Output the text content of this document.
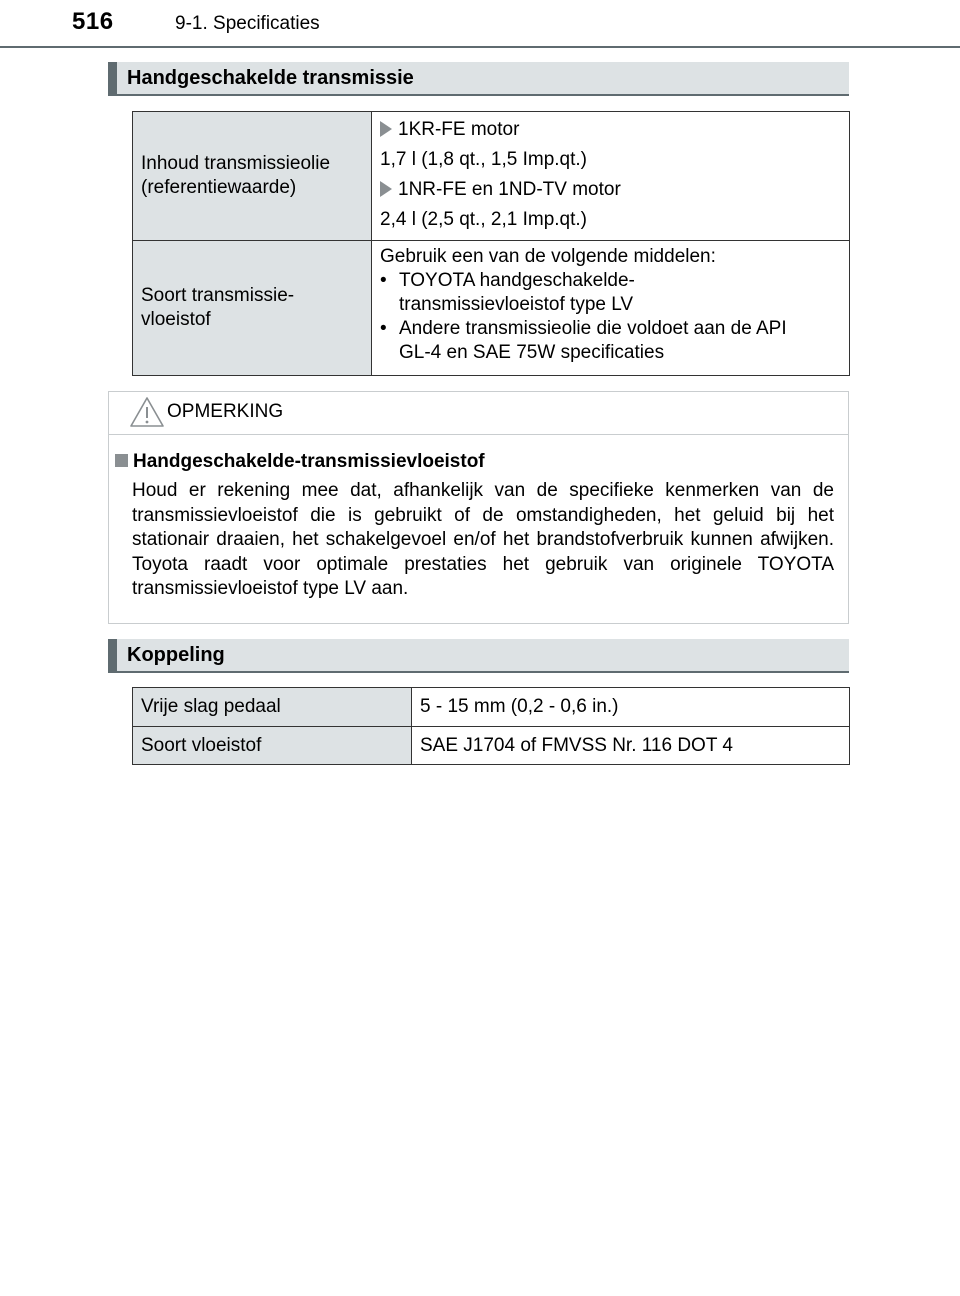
516	9-1. Specificaties
Handgeschakelde transmissie
Inhoud transmissieolie (referentiewaarde)	1KR-FE motor

1,7 l (1,8 qt., 1,5 Imp.qt.)

1NR-FE en 1ND-TV motor

2,4 l (2,5 qt., 2,1 Imp.qt.)

Soort transmissie-vloeistof	Gebruik een van de volgende middelen:

• TOYOTA handgeschakelde-transmissievloeistof type LV
• Andere transmissieolie die voldoet aan de API GL-4 en SAE 75W specificaties
OPMERKING
Handgeschakelde-transmissievloeistof

Houd er rekening mee dat, afhankelijk van de specifieke kenmerken van de transmissievloeistof die is gebruikt of de omstandigheden, het geluid bij het stationair draaien, het schakelgevoel en/of het brandstofverbruik kunnen afwijken. Toyota raadt voor optimale prestaties het gebruik van originele TOYOTA transmissievloeistof type LV aan.

Koppeling
Vrije slag pedaal	5 - 15 mm (0,2 - 0,6 in.)
Soort vloeistof	SAE J1704 of FMVSS Nr. 116 DOT 4
